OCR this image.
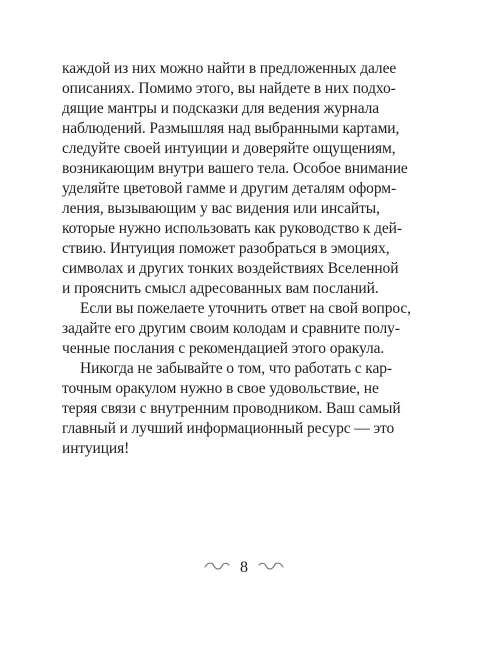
каждой из них можно найти в предложенных далее
описаниях. Помимо этого, вы найдете в них подхо-
дящие мантры и подсказки для ведения журнала
наблюдений. Размышляя над выбранными картами,
следуйте своей интуиции и доверяйте ощущениям,
возникающим внутри вашего тела. Особое внимание
уделяйте цветовой гамме и другим деталям оформ-
ления, вызывающим у вас видения или инсайты,
которые нужно использовать как руководство к дей-
ствию. Интуиция поможет разобраться в эмоциях,
символах и других тонких воздействиях Вселенной
и прояснить смысл адресованных вам посланий.
Если вы пожелаете уточнить ответ на свой вопрос,
задайте его другим своим колодам и сравните полу-
ченные послания с рекомендацией этого оракула.
Никогда не забывайте о том, что работать с кар-
точным оракулом нужно в свое удовольствие, не
теряя связи с внутренним проводником. Ваш самый
главный и лучший информационный ресурс — это
интуиция!
8
